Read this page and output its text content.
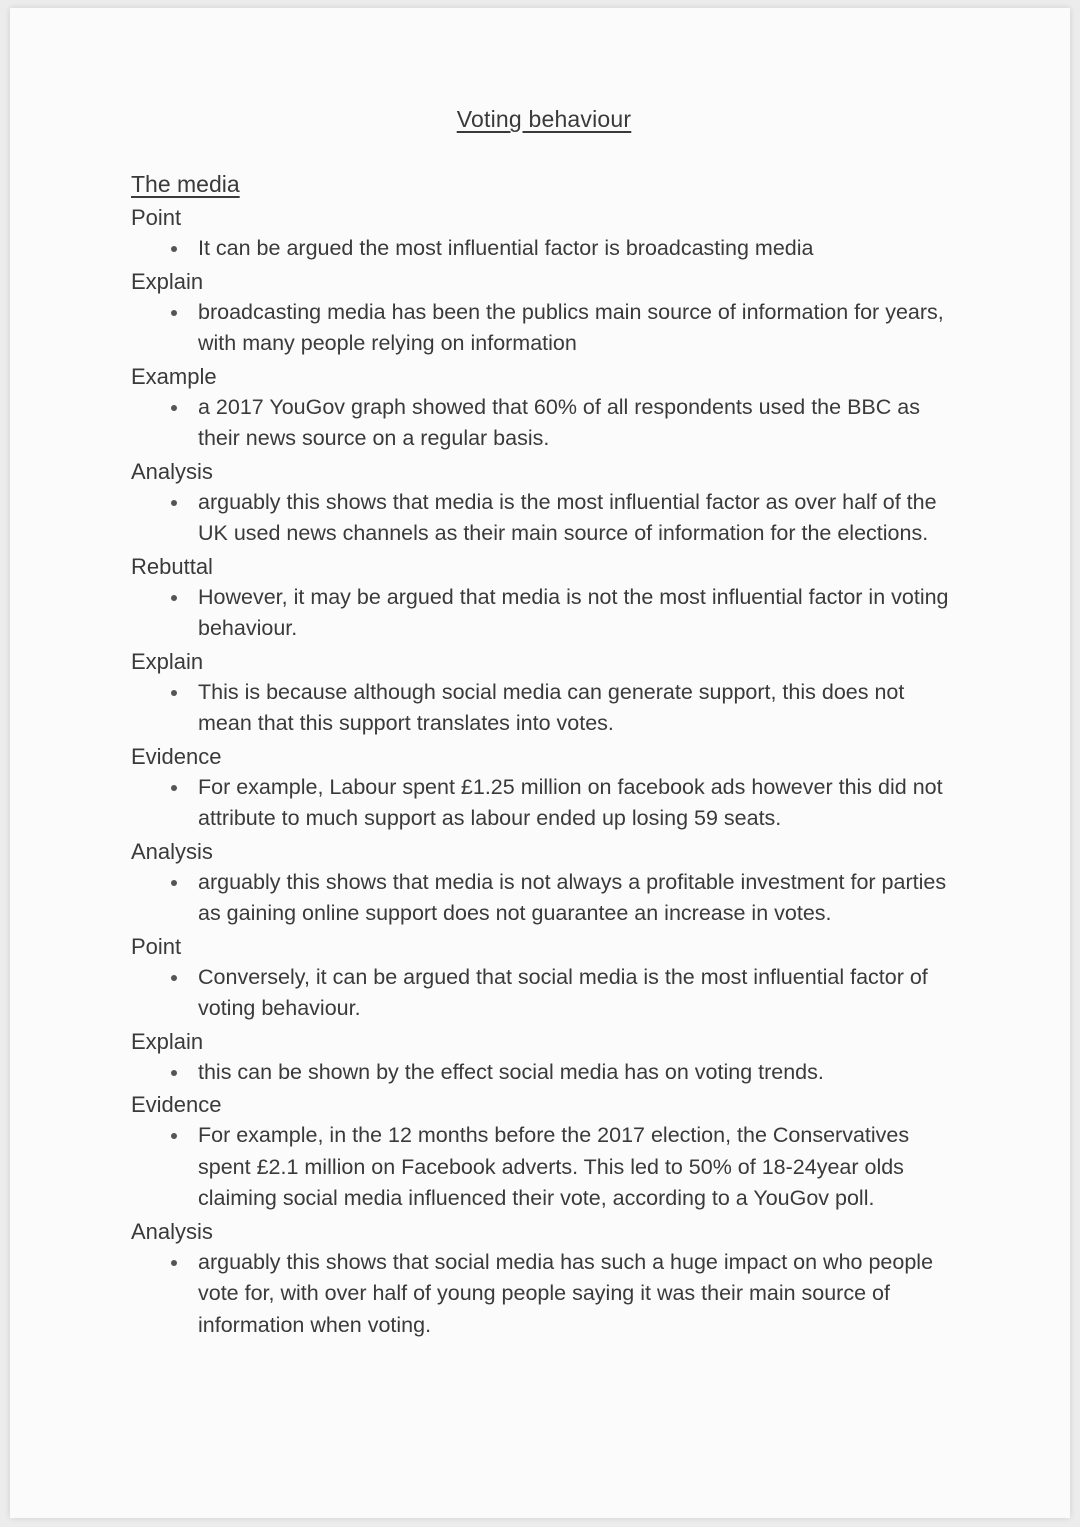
Voting behaviour
The media
Point
It can be argued the most influential factor is broadcasting media
Explain
broadcasting media has been the publics main source of information for years, with many people relying on information
Example
a 2017 YouGov graph showed that 60% of all respondents used the BBC as their news source on a regular basis.
Analysis
arguably this shows that media is the most influential factor as over half of the UK used news channels as their main source of information for the elections.
Rebuttal
However, it may be argued that media is not the most influential factor in voting behaviour.
Explain
This is because although social media can generate support, this does not mean that this support translates into votes.
Evidence
For example, Labour spent £1.25 million on facebook ads however this did not attribute to much support as labour ended up losing 59 seats.
Analysis
arguably this shows that media is not always a profitable investment for parties as gaining online support does not guarantee an increase in votes.
Point
Conversely, it can be argued that social media is the most influential factor of voting behaviour.
Explain
this can be shown by the effect social media has on voting trends.
Evidence
For example, in the 12 months before the 2017 election, the Conservatives spent £2.1 million on Facebook adverts. This led to 50% of 18-24year olds claiming social media influenced their vote, according to a YouGov poll.
Analysis
arguably this shows that social media has such a huge impact on who people vote for, with over half of young people saying it was their main source of information when voting.
